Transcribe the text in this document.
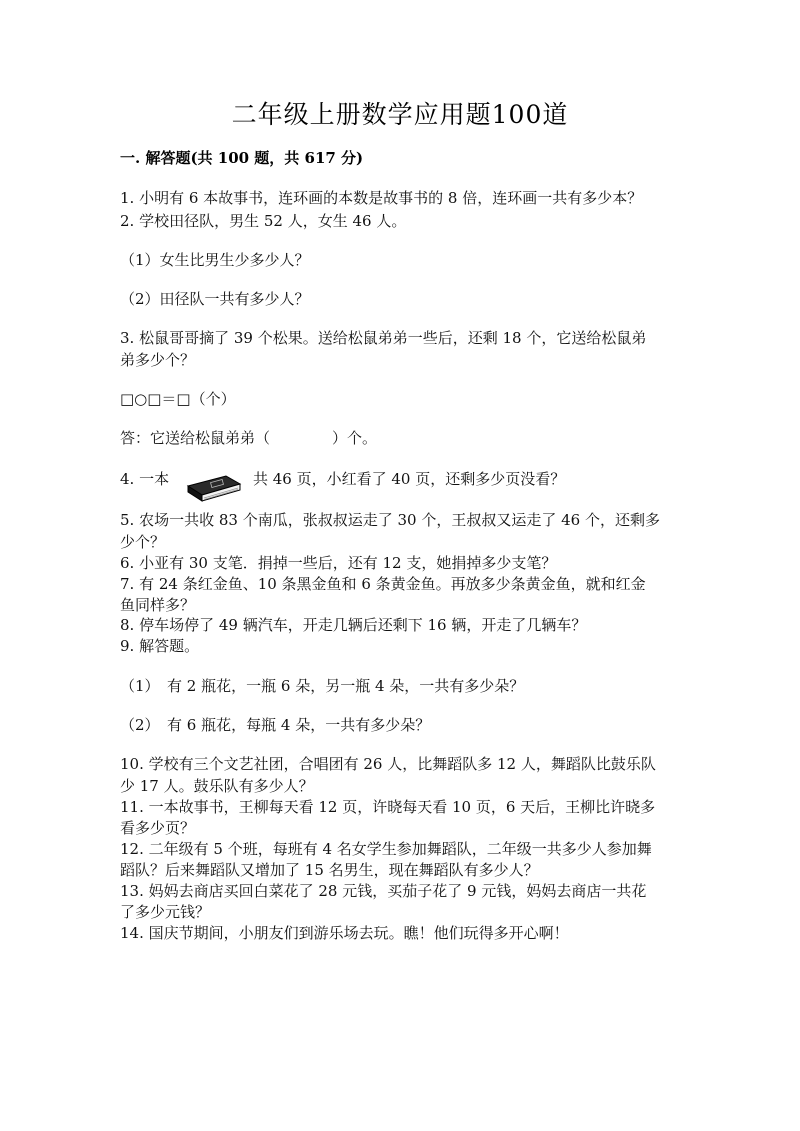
二年级上册数学应用题100道
一. 解答题(共 100 题，共 617 分)
1. 小明有 6 本故事书，连环画的本数是故事书的 8 倍，连环画一共有多少本？
2. 学校田径队，男生 52 人，女生 46 人。
（1）女生比男生少多少人？
（2）田径队一共有多少人？
3. 松鼠哥哥摘了 39 个松果。送给松鼠弟弟一些后，还剩 18 个，它送给松鼠弟
弟多少个？
□○□＝□（个）
答：它送给松鼠弟弟（	）个。
4. 一本	共 46 页，小红看了 40 页，还剩多少页没看？
5. 农场一共收 83 个南瓜，张叔叔运走了 30 个，王叔叔又运走了 46 个，还剩多
少个？
6. 小亚有 30 支笔．捐掉一些后，还有 12 支，她捐掉多少支笔？
7. 有 24 条红金鱼、10 条黑金鱼和 6 条黄金鱼。再放多少条黄金鱼，就和红金
鱼同样多？
8. 停车场停了 49 辆汽车，开走几辆后还剩下 16 辆，开走了几辆车？
9. 解答题。
（1）　有 2 瓶花，一瓶 6 朵，另一瓶 4 朵，一共有多少朵？
（2）　有 6 瓶花，每瓶 4 朵，一共有多少朵？
10. 学校有三个文艺社团，合唱团有 26 人，比舞蹈队多 12 人，舞蹈队比鼓乐队
少 17 人。鼓乐队有多少人？
11. 一本故事书，王柳每天看 12 页，许晓每天看 10 页，6 天后，王柳比许晓多
看多少页？
12. 二年级有 5 个班，每班有 4 名女学生参加舞蹈队，二年级一共多少人参加舞
蹈队？后来舞蹈队又增加了 15 名男生，现在舞蹈队有多少人？
13. 妈妈去商店买回白菜花了 28 元钱，买茄子花了 9 元钱，妈妈去商店一共花
了多少元钱？
14. 国庆节期间，小朋友们到游乐场去玩。瞧！他们玩得多开心啊！
